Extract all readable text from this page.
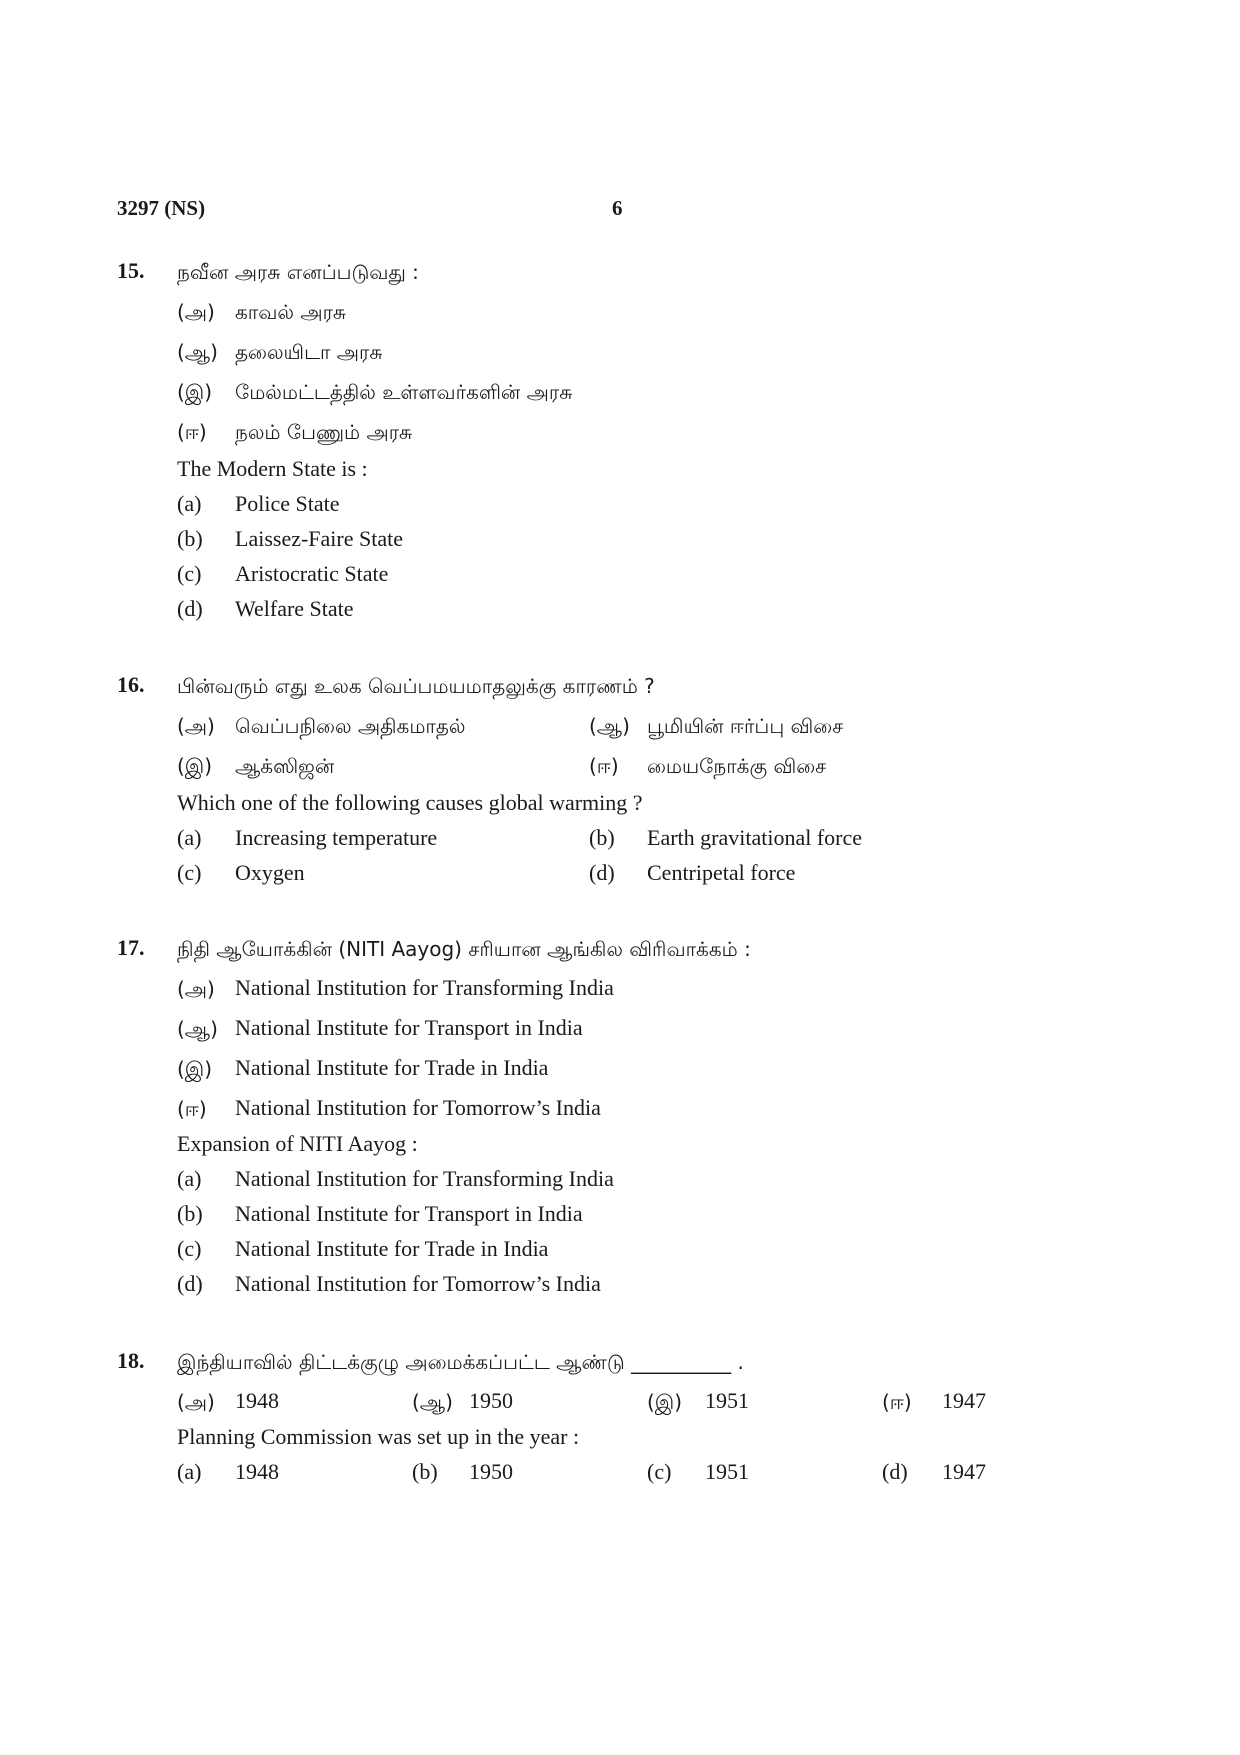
3297 (NS)	6
15. நவீன அரசு எனப்படுவது :
(அ) காவல் அரசு
(ஆ) தலையிடா அரசு
(இ) மேல்மட்டத்தில் உள்ளவர்களின் அரசு
(ஈ) நலம் பேணும் அரசு
The Modern State is :
(a) Police State
(b) Laissez-Faire State
(c) Aristocratic State
(d) Welfare State
16. பின்வரும் எது உலக வெப்பமயமாதலுக்கு காரணம் ?
(அ) வெப்பநிலை அதிகமாதல்	(ஆ) பூமியின் ஈர்ப்பு விசை
(இ) ஆக்ஸிஜன்	(ஈ) மையநோக்கு விசை
Which one of the following causes global warming ?
(a) Increasing temperature	(b) Earth gravitational force
(c) Oxygen	(d) Centripetal force
17. நிதி ஆயோக்கின் (NITI Aayog) சரியான ஆங்கில விரிவாக்கம் :
(அ) National Institution for Transforming India
(ஆ) National Institute for Transport in India
(இ) National Institute for Trade in India
(ஈ) National Institution for Tomorrow’s India
Expansion of NITI Aayog :
(a) National Institution for Transforming India
(b) National Institute for Transport in India
(c) National Institute for Trade in India
(d) National Institution for Tomorrow’s India
18. இந்தியாவில் திட்டக்குழு அமைக்கப்பட்ட ஆண்டு __________ .
(அ) 1948	(ஆ) 1950	(இ) 1951	(ஈ) 1947
Planning Commission was set up in the year :
(a) 1948	(b) 1950	(c) 1951	(d) 1947
